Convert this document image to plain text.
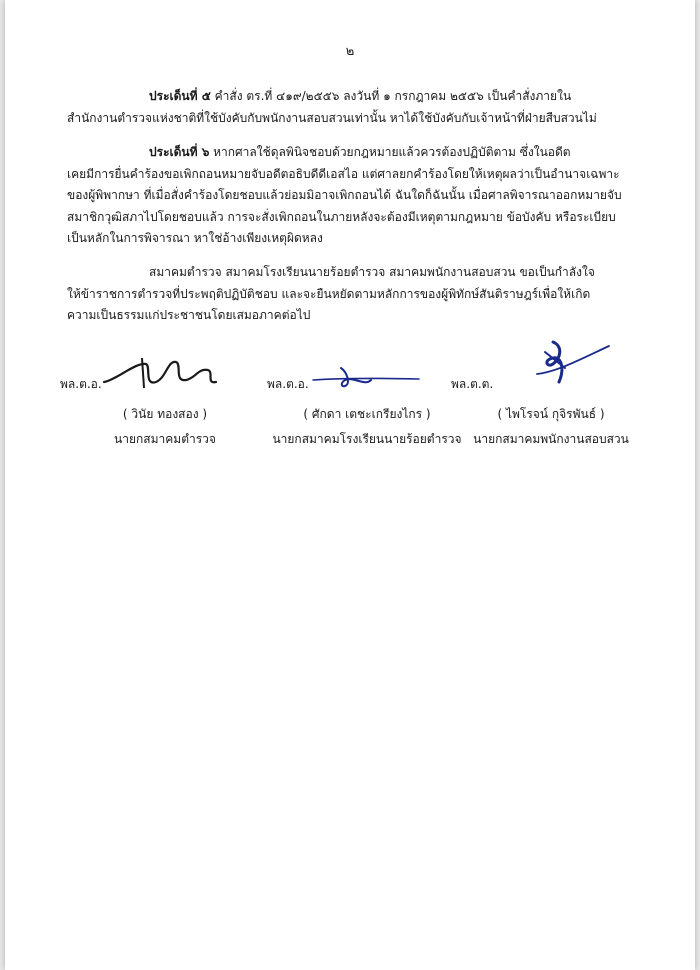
๒
ประเด็นที่ ๕ คำสั่ง ตร.ที่ ๔๑๙/๒๕๕๖ ลงวันที่ ๑ กรกฎาคม ๒๕๕๖ เป็นคำสั่งภายใน
สำนักงานตำรวจแห่งชาติที่ใช้บังคับกับพนักงานสอบสวนเท่านั้น หาได้ใช้บังคับกับเจ้าหน้าที่ฝ่ายสืบสวนไม่
ประเด็นที่ ๖ หากศาลใช้ดุลพินิจชอบด้วยกฎหมายแล้วควรต้องปฏิบัติตาม ซึ่งในอดีต
เคยมีการยื่นคำร้องขอเพิกถอนหมายจับอดีตอธิบดีดีเอสไอ แต่ศาลยกคำร้องโดยให้เหตุผลว่าเป็นอำนาจเฉพาะ
ของผู้พิพากษา ที่เมื่อสั่งคำร้องโดยชอบแล้วย่อมมิอาจเพิกถอนได้ ฉันใดก็ฉันนั้น เมื่อศาลพิจารณาออกหมายจับ
สมาชิกวุฒิสภาไปโดยชอบแล้ว การจะสั่งเพิกถอนในภายหลังจะต้องมีเหตุตามกฎหมาย ข้อบังคับ หรือระเบียบ
เป็นหลักในการพิจารณา หาใช่อ้างเพียงเหตุผิดหลง
สมาคมตำรวจ สมาคมโรงเรียนนายร้อยตำรวจ สมาคมพนักงานสอบสวน ขอเป็นกำลังใจ
ให้ข้าราชการตำรวจที่ประพฤติปฏิบัติชอบ และจะยืนหยัดตามหลักการของผู้พิทักษ์สันติราษฎร์เพื่อให้เกิด
ความเป็นธรรมแก่ประชาชนโดยเสมอภาคต่อไป
พล.ต.อ.
( วินัย ทองสอง )
นายกสมาคมตำรวจ
พล.ต.อ.
( ศักดา เตชะเกรียงไกร )
นายกสมาคมโรงเรียนนายร้อยตำรวจ
พล.ต.ต.
( ไพโรจน์ กุจิรพันธ์ )
นายกสมาคมพนักงานสอบสวน
